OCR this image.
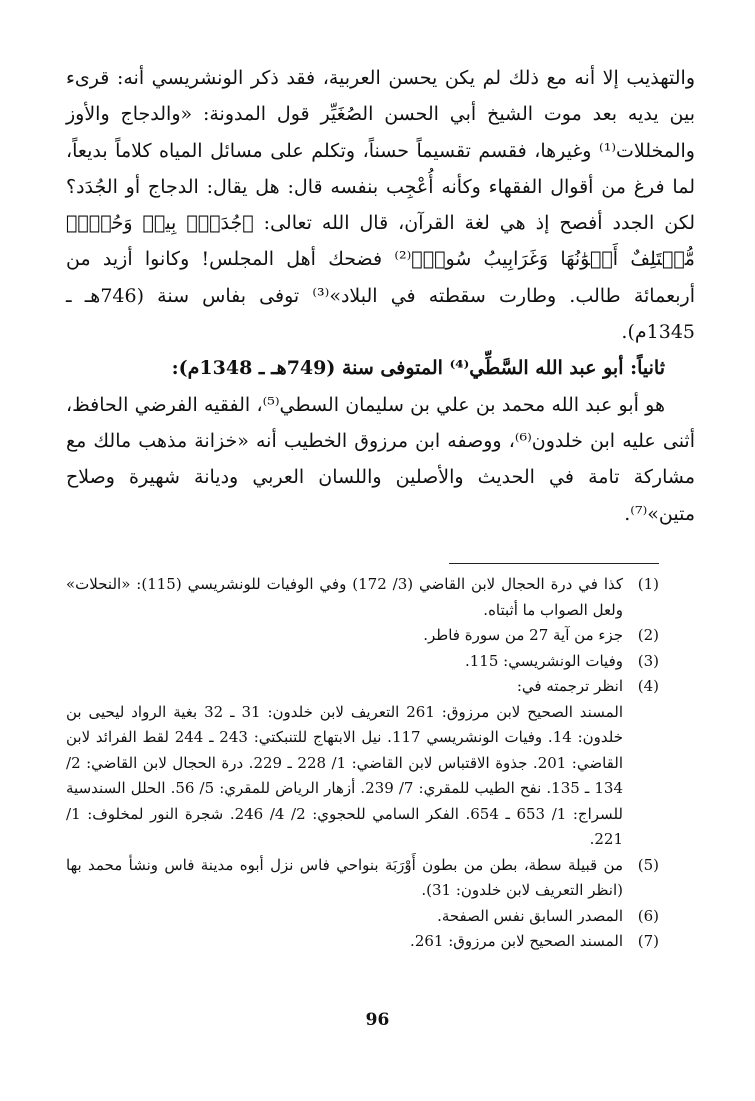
والتهذيب إلا أنه مع ذلك لم يكن يحسن العربية، فقد ذكر الونشريسي أنه: قرىء بين يديه بعد موت الشيخ أبي الحسن الصُغَيِّر قول المدونة: «والدجاج والأوز والمخللات⁽¹⁾ وغيرها، فقسم تقسيماً حسناً، وتكلم على مسائل المياه كلاماً بديعاً، لما فرغ من أقوال الفقهاء وكأنه أُعْجِب بنفسه قال: هل يقال: الدجاج أو الجُدَد؟ لكن الجدد أفصح إذ هي لغة القرآن، قال الله تعالى: ﴿جُدَدُۢ بِيضٞ وَحُمۡرٞ مُّخۡتَلِفٌ أَلۡوَٰنُهَا وَغَرَابِيبُ سُودٞ﴾⁽²⁾ فضحك أهل المجلس! وكانوا أزيد من أربعمائة طالب. وطارت سقطته في البلاد»⁽³⁾ توفى بفاس سنة (746هـ ـ 1345م).

ثانياً: أبو عبد الله السَّطِّي⁽⁴⁾ المتوفى سنة (749هـ ـ 1348م):

هو أبو عبد الله محمد بن علي بن سليمان السطي⁽⁵⁾، الفقيه الفرضي الحافظ، أثنى عليه ابن خلدون⁽⁶⁾، ووصفه ابن مرزوق الخطيب أنه «خزانة مذهب مالك مع مشاركة تامة في الحديث والأصلين واللسان العربي وديانة شهيرة وصلاح متين»⁽⁷⁾.

(1)

كذا في درة الحجال لابن القاضي (3/ 172) وفي الوفيات للونشريسي (115): «النحلات» ولعل الصواب ما أثبتاه.

(2)

جزء من آية 27 من سورة فاطر.

(3)

وفيات الونشريسي: 115.

(4)

انظر ترجمته في:

المسند الصحيح لابن مرزوق: 261 التعريف لابن خلدون: 31 ـ 32 بغية الرواد ليحيى بن خلدون: 14. وفيات الونشريسي 117. نيل الابتهاج للتنبكتي: 243 ـ 244 لقط الفرائد لابن القاضي: 201. جذوة الاقتباس لابن القاضي: 1/ 228 ـ 229. درة الحجال لابن القاضي: 2/ 134 ـ 135. نفح الطيب للمقري: 7/ 239. أزهار الرياض للمقري: 5/ 56. الحلل السندسية للسراج: 1/ 653 ـ 654. الفكر السامي للحجوي: 2/ 4/ 246. شجرة النور لمخلوف: 1/ 221.

(5)

من قبيلة سطة، بطن من بطون أَوْرَبَة بنواحي فاس نزل أبوه مدينة فاس ونشأ محمد بها (انظر التعريف لابن خلدون: 31).

(6)

المصدر السابق نفس الصفحة.

(7)

المسند الصحيح لابن مرزوق: 261.

96
